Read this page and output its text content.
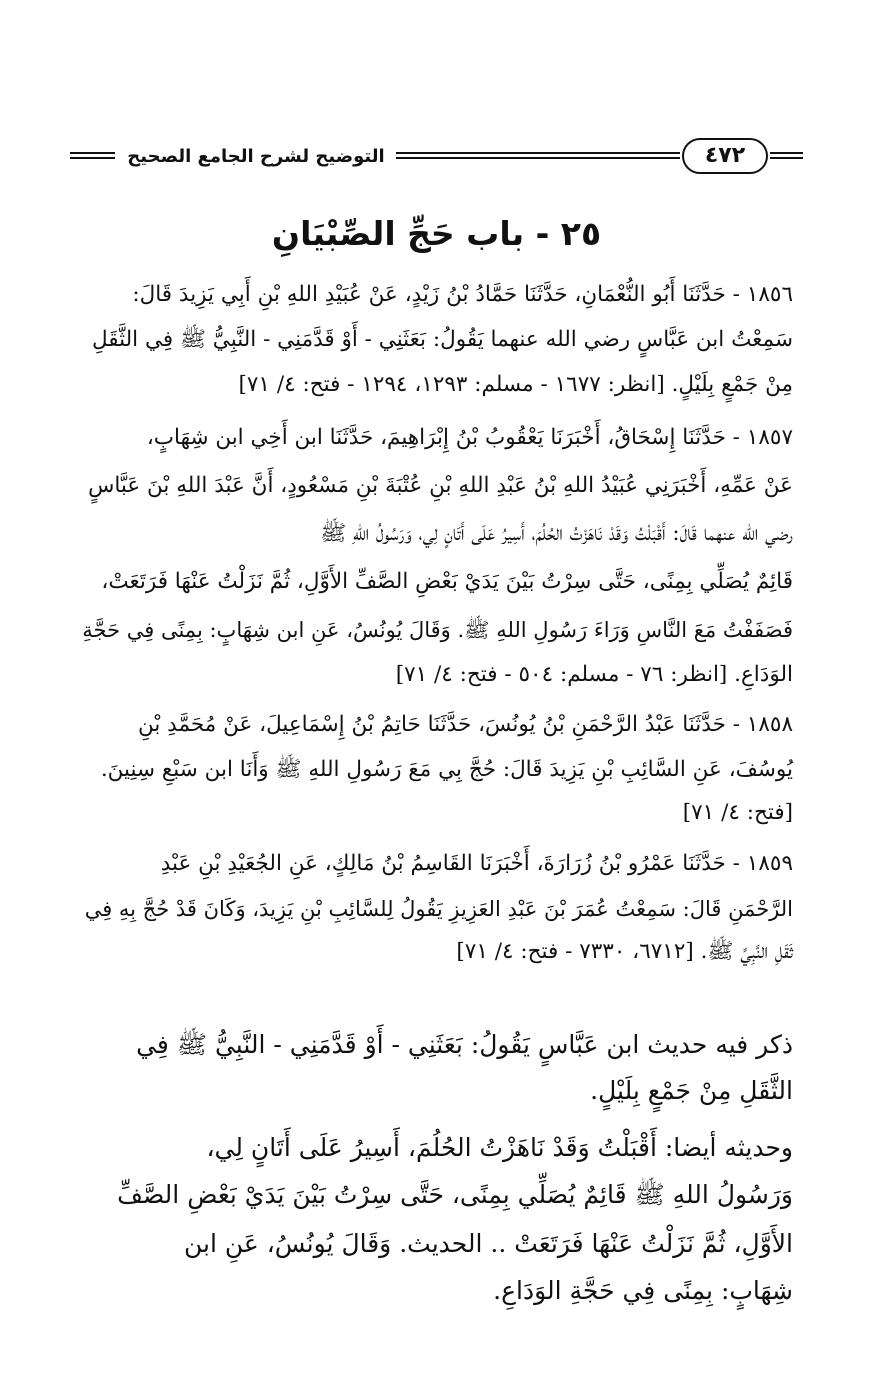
التوضيح لشرح الجامع الصحيح	٤٧٢
٢٥ - باب حَجِّ الصِّبْيَانِ
١٨٥٦ - حَدَّثَنَا أَبُو النُّعْمَانِ، حَدَّثَنَا حَمَّادُ بْنُ زَيْدٍ، عَنْ عُبَيْدِ اللهِ بْنِ أَبِي يَزِيدَ قَالَ:
سَمِعْتُ ابن عَبَّاسٍ رضي الله عنهما يَقُولُ: بَعَثَنِي - أَوْ قَدَّمَنِي - النَّبِيُّ ﷺ فِي الثَّقَلِ
مِنْ جَمْعٍ بِلَيْلٍ. [انظر: ١٦٧٧ - مسلم: ١٢٩٣، ١٢٩٤ - فتح: ٤/ ٧١]
١٨٥٧ - حَدَّثَنَا إِسْحَاقُ، أَخْبَرَنَا يَعْقُوبُ بْنُ إِبْرَاهِيمَ، حَدَّثَنَا ابن أَخِي ابن شِهَابٍ،
عَنْ عَمِّهِ، أَخْبَرَنِي عُبَيْدُ اللهِ بْنُ عَبْدِ اللهِ بْنِ عُتْبَةَ بْنِ مَسْعُودٍ، أَنَّ عَبْدَ اللهِ بْنَ عَبَّاسٍ
رضي الله عنهما قَالَ: أَقْبَلْتُ وَقَدْ نَاهَزْتُ الحُلُمَ، أَسِيرُ عَلَى أَتَانٍ لِي، وَرَسُولُ اللهِ ﷺ
قَائِمٌ يُصَلِّي بِمِنًى، حَتَّى سِرْتُ بَيْنَ يَدَيْ بَعْضِ الصَّفِّ الأَوَّلِ، ثُمَّ نَزَلْتُ عَنْهَا فَرَتَعَتْ،
فَصَفَفْتُ مَعَ النَّاسِ وَرَاءَ رَسُولِ اللهِ ﷺ. وَقَالَ يُونُسُ، عَنِ ابن شِهَابٍ: بِمِنًى فِي حَجَّةِ
الوَدَاعِ. [انظر: ٧٦ - مسلم: ٥٠٤ - فتح: ٤/ ٧١]
١٨٥٨ - حَدَّثَنَا عَبْدُ الرَّحْمَنِ بْنُ يُونُسَ، حَدَّثَنَا حَاتِمُ بْنُ إِسْمَاعِيلَ، عَنْ مُحَمَّدِ بْنِ
يُوسُفَ، عَنِ السَّائِبِ بْنِ يَزِيدَ قَالَ: حُجَّ بِي مَعَ رَسُولِ اللهِ ﷺ وَأَنَا ابن سَبْعِ سِنِينَ.
[فتح: ٤/ ٧١]
١٨٥٩ - حَدَّثَنَا عَمْرُو بْنُ زُرَارَةَ، أَخْبَرَنَا القَاسِمُ بْنُ مَالِكٍ، عَنِ الجُعَيْدِ بْنِ عَبْدِ
الرَّحْمَنِ قَالَ: سَمِعْتُ عُمَرَ بْنَ عَبْدِ العَزِيزِ يَقُولُ لِلسَّائِبِ بْنِ يَزِيدَ، وَكَانَ قَدْ حُجَّ بِهِ فِي
ثَقَلِ النَّبِيِّ ﷺ. [٦٧١٢، ٧٣٣٠ - فتح: ٤/ ٧١]
ذكر فيه حديث ابن عَبَّاسٍ يَقُولُ: بَعَثَنِي - أَوْ قَدَّمَنِي - النَّبِيُّ ﷺ فِي
الثَّقَلِ مِنْ جَمْعٍ بِلَيْلٍ.
وحديثه أيضا: أَقْبَلْتُ وَقَدْ نَاهَزْتُ الحُلُمَ، أَسِيرُ عَلَى أَتَانٍ لِي،
وَرَسُولُ اللهِ ﷺ قَائِمٌ يُصَلِّي بِمِنًى، حَتَّى سِرْتُ بَيْنَ يَدَيْ بَعْضِ الصَّفِّ
الأَوَّلِ، ثُمَّ نَزَلْتُ عَنْهَا فَرَتَعَتْ .. الحديث. وَقَالَ يُونُسُ، عَنِ ابن
شِهَابٍ: بِمِنًى فِي حَجَّةِ الوَدَاعِ.
